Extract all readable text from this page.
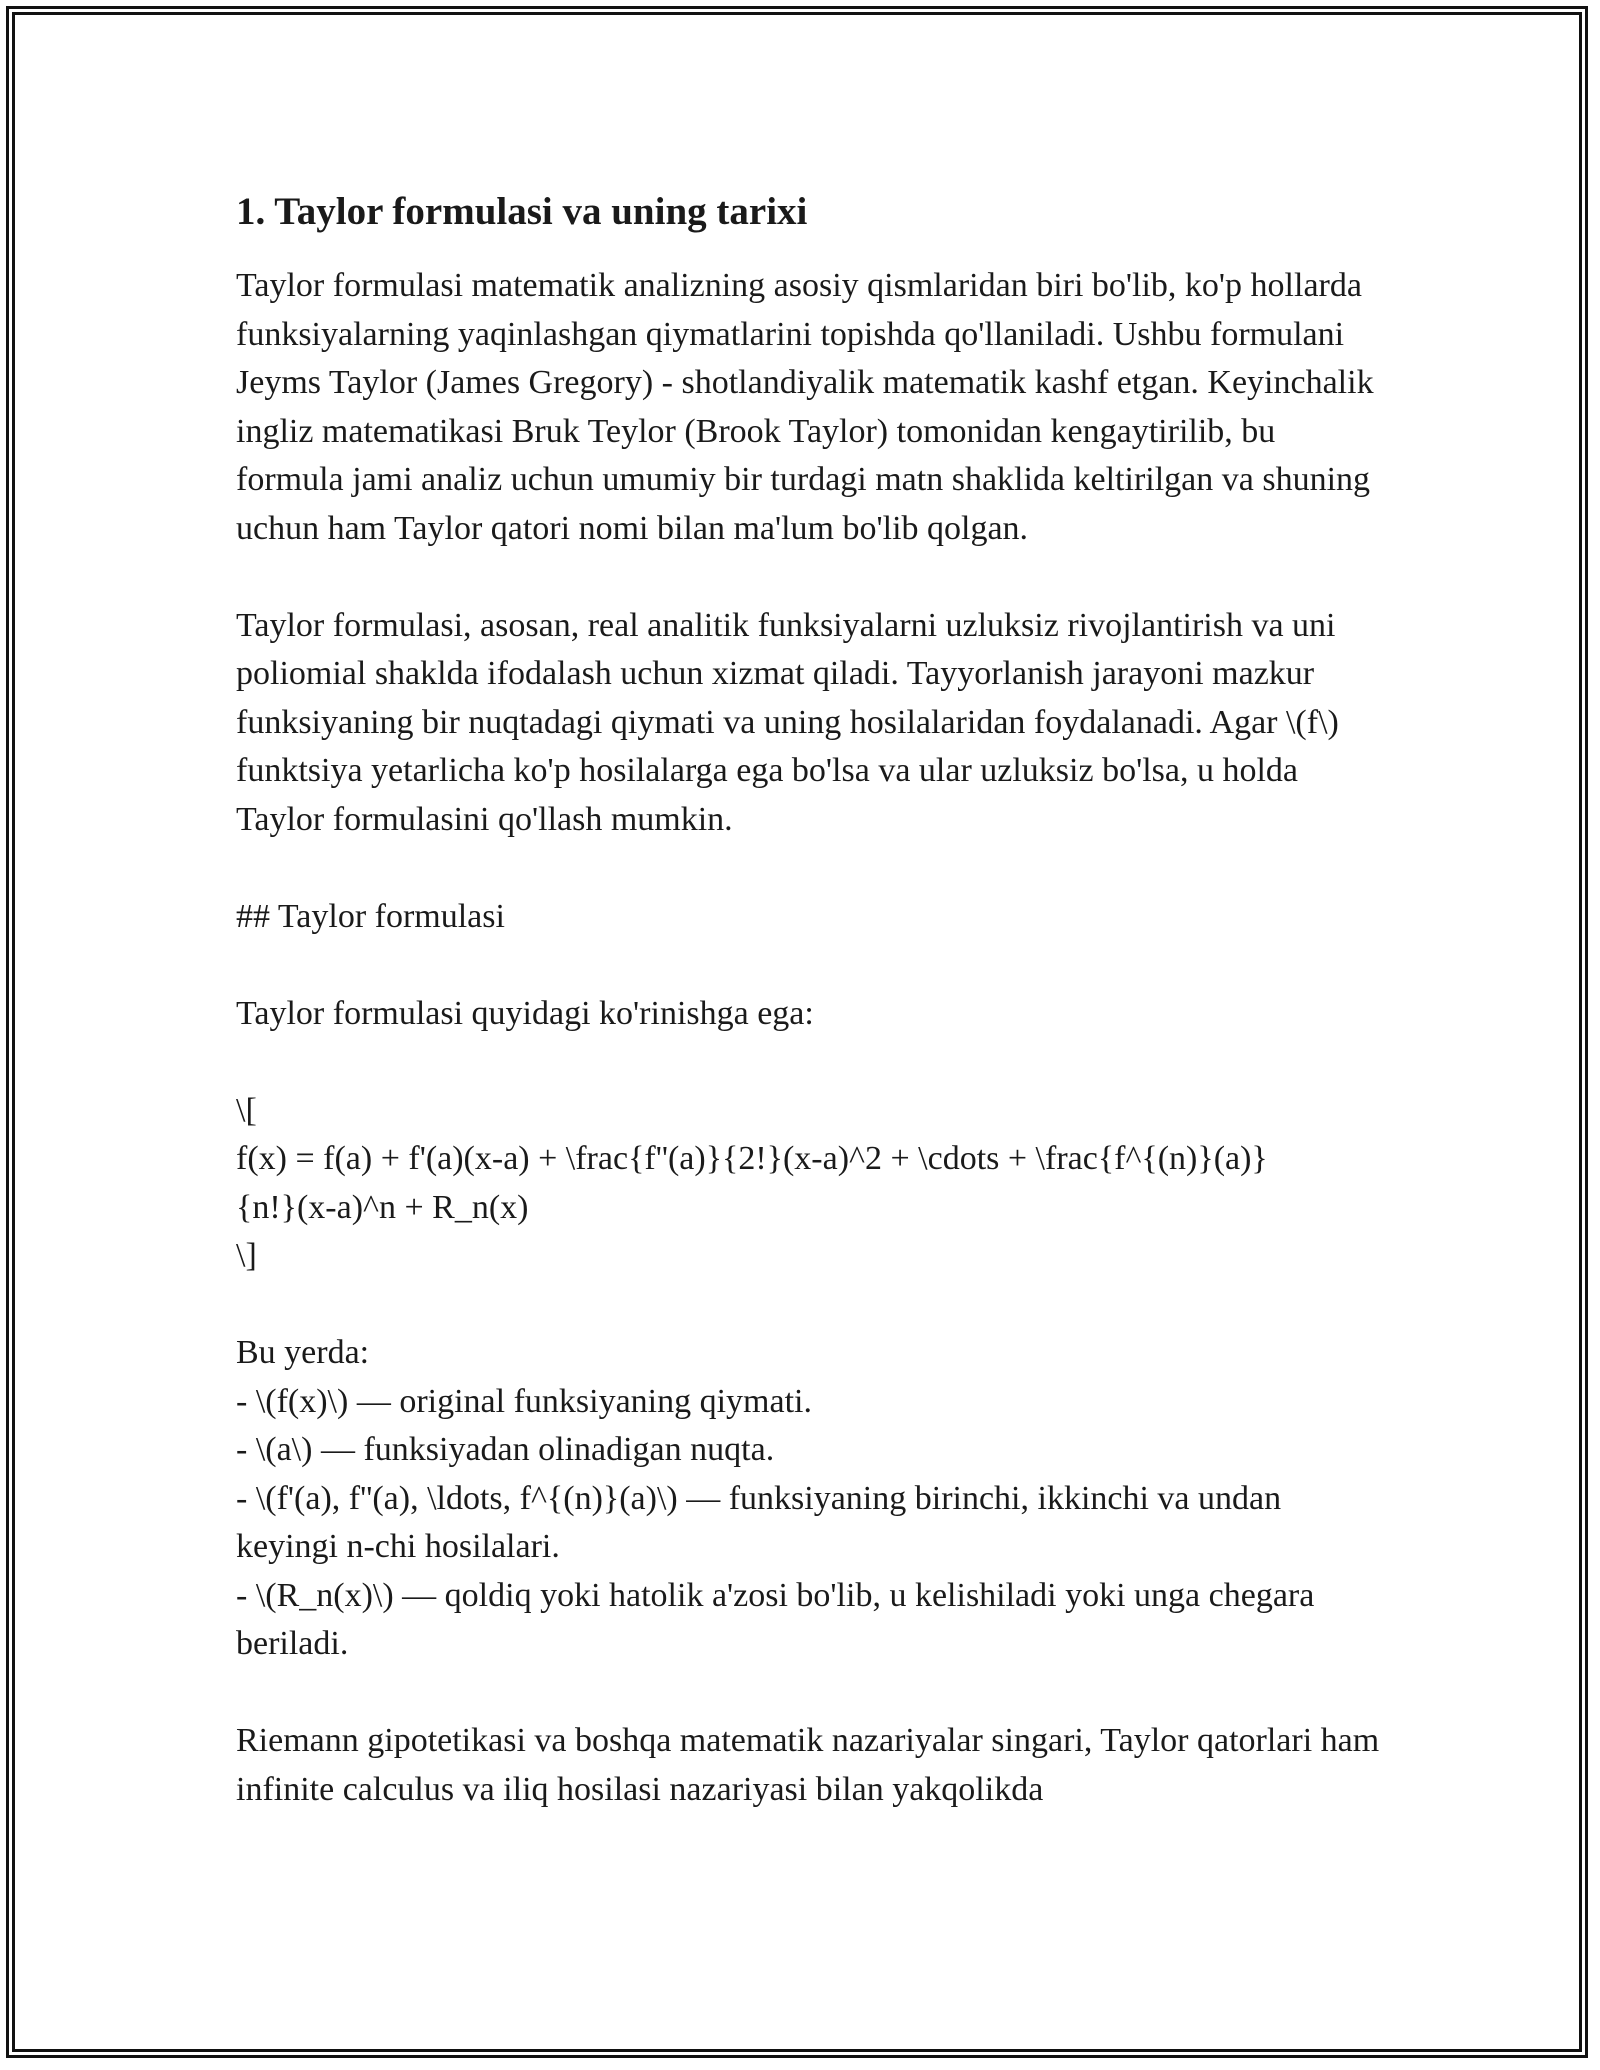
1. Taylor formulasi va uning tarixi

Taylor formulasi matematik analizning asosiy qismlaridan biri bo'lib, ko'p hollarda funksiyalarning yaqinlashgan qiymatlarini topishda qo'llaniladi. Ushbu formulani Jeyms Taylor (James Gregory) - shotlandiyalik matematik kashf etgan. Keyinchalik ingliz matematikasi Bruk Teylor (Brook Taylor) tomonidan kengaytirilib, bu formula jami analiz uchun umumiy bir turdagi matn shaklida keltirilgan va shuning uchun ham Taylor qatori nomi bilan ma'lum bo'lib qolgan.

Taylor formulasi, asosan, real analitik funksiyalarni uzluksiz rivojlantirish va uni poliomial shakldа ifodalash uchun xizmat qiladi. Tayyorlanish jarayoni mazkur funksiyaning bir nuqtadagi qiymati va uning hosilalaridan foydalanadi. Agar \(f\) funktsiya yetarlicha ko'p hosilalarga ega bo'lsa va ular uzluksiz bo'lsa, u holda Taylor formulasini qo'llash mumkin.

## Taylor formulasi

Taylor formulasi quyidagi ko'rinishga ega:

\[
f(x) = f(a) + f'(a)(x-a) + \frac{f''(a)}{2!}(x-a)^2 + \cdots + \frac{f^{(n)}(a)}
{n!}(x-a)^n + R_n(x)
\]
Bu yerda:
- \(f(x)\) — original funksiyaning qiymati.
- \(a\) — funksiyadan olinadigan nuqta.
- \(f'(a), f''(a), \ldots, f^{(n)}(a)\) — funksiyaning birinchi, ikkinchi va undan keyingi n-chi hosilalari.
- \(R_n(x)\) — qoldiq yoki hatolik a'zosi bo'lib, u kelishiladi yoki unga chegara beriladi.

Riemann gipotetikasi va boshqa matematik nazariyalar singari, Taylor qatorlari ham infinite calculus va iliq hosilasi nazariyasi bilan yakqolikda
